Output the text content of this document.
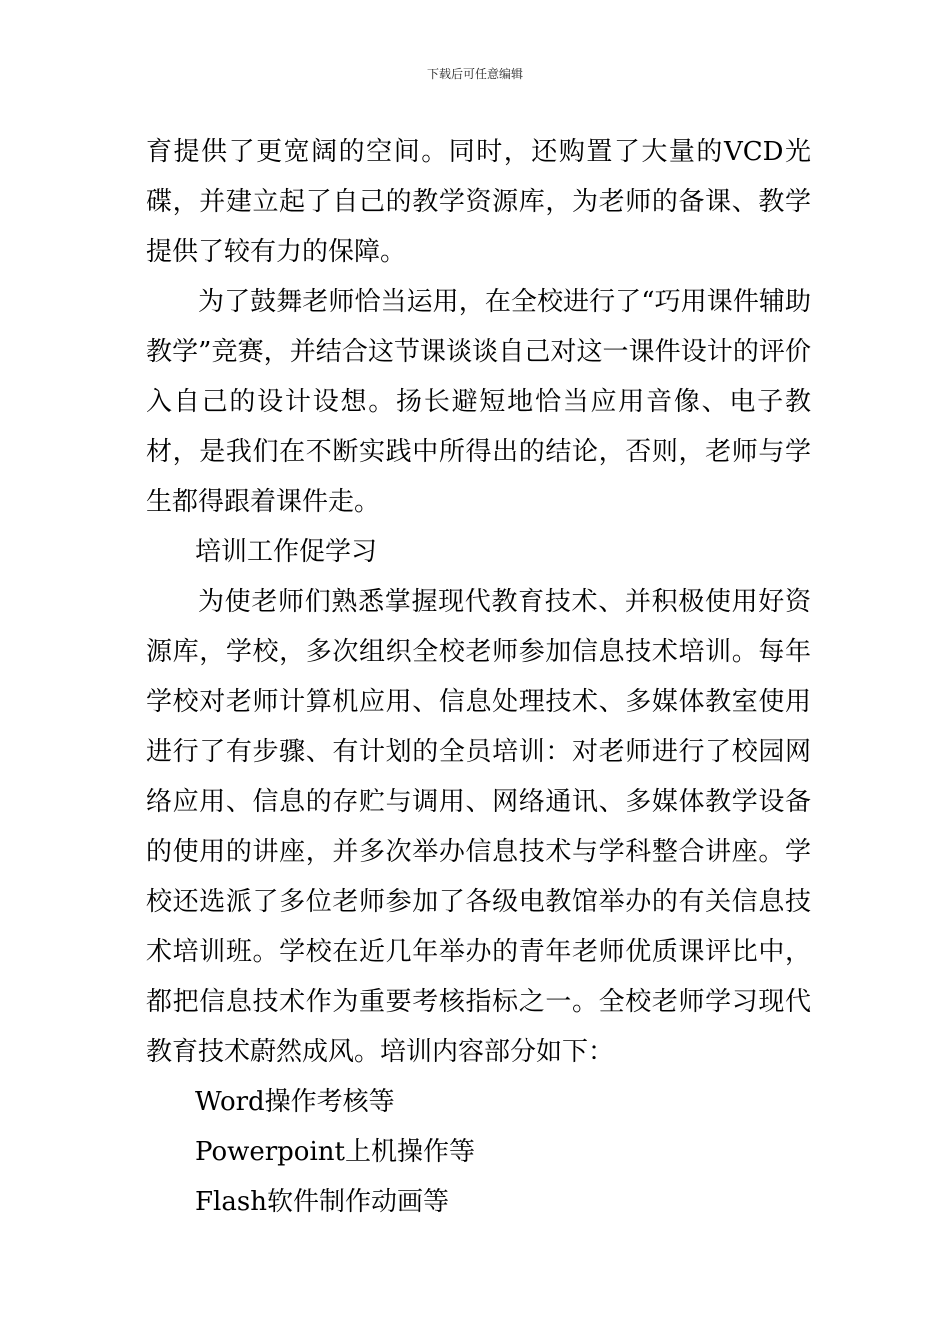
下载后可任意编辑

育提供了更宽阔的空间。同时，还购置了大量的VCD光碟，并建立起了自己的教学资源库，为老师的备课、教学提供了较有力的保障。

为了鼓舞老师恰当运用，在全校进行了“巧用课件辅助教学”竞赛，并结合这节课谈谈自己对这一课件设计的评价入自己的设计设想。扬长避短地恰当应用音像、电子教材，是我们在不断实践中所得出的结论，否则，老师与学生都得跟着课件走。

培训工作促学习

为使老师们熟悉掌握现代教育技术、并积极使用好资源库，学校，多次组织全校老师参加信息技术培训。每年学校对老师计算机应用、信息处理技术、多媒体教室使用进行了有步骤、有计划的全员培训：对老师进行了校园网络应用、信息的存贮与调用、网络通讯、多媒体教学设备的使用的讲座，并多次举办信息技术与学科整合讲座。学校还选派了多位老师参加了各级电教馆举办的有关信息技术培训班。学校在近几年举办的青年老师优质课评比中，都把信息技术作为重要考核指标之一。全校老师学习现代教育技术蔚然成风。培训内容部分如下：

Word操作考核等

Powerpoint上机操作等

Flash软件制作动画等
